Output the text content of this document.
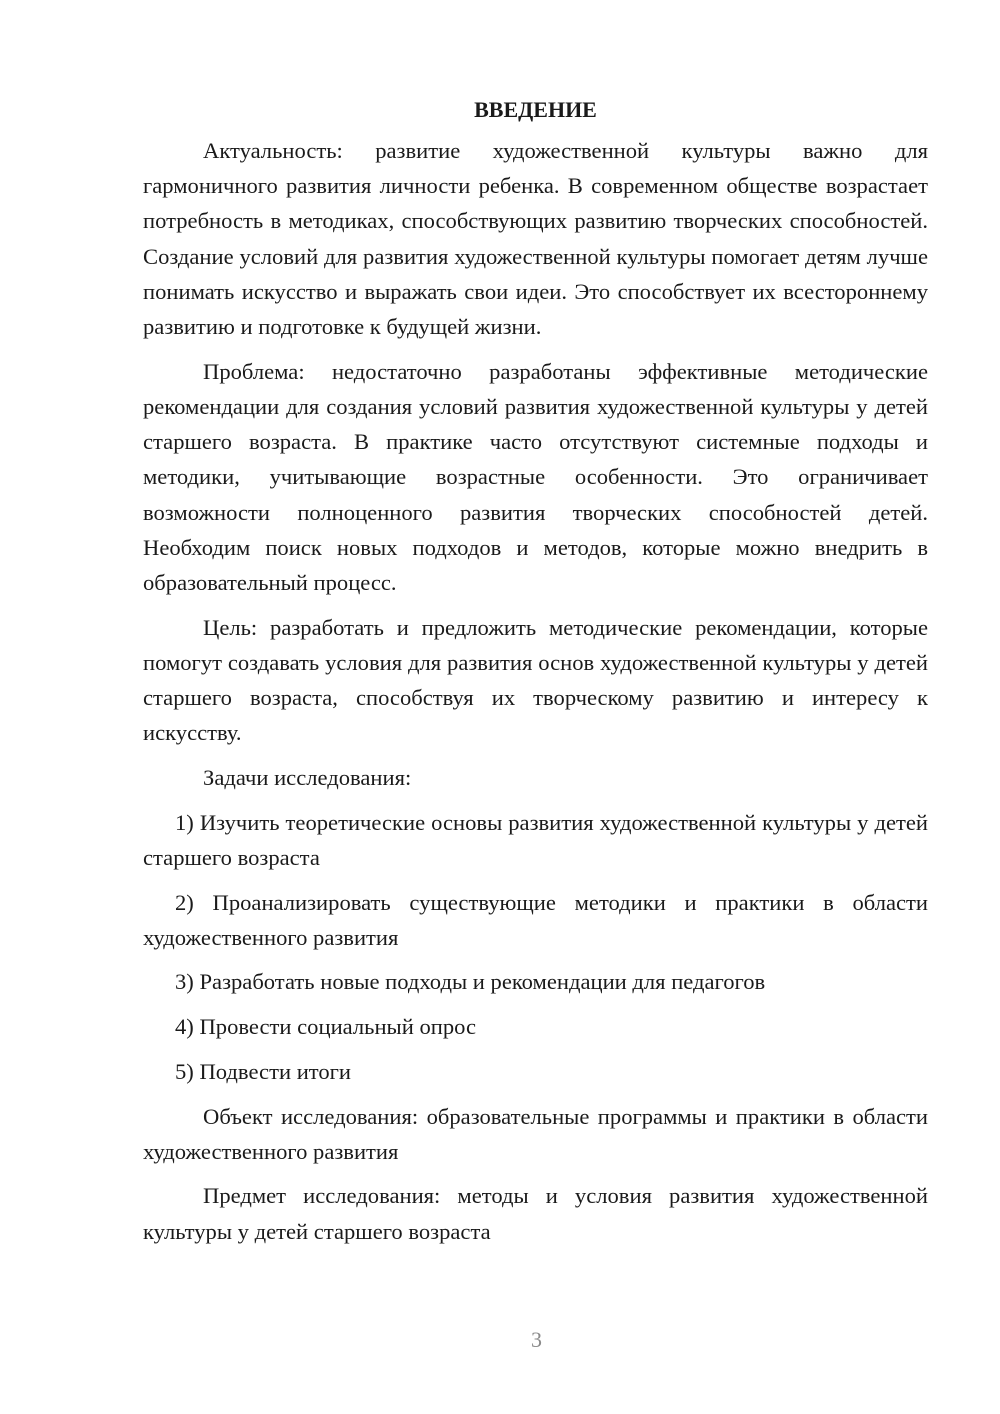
ВВЕДЕНИЕ

Актуальность: развитие художественной культуры важно для гармоничного развития личности ребенка. В современном обществе возрастает потребность в методиках, способствующих развитию творческих способностей. Создание условий для развития художественной культуры помогает детям лучше понимать искусство и выражать свои идеи. Это способствует их всестороннему развитию и подготовке к будущей жизни.

Проблема: недостаточно разработаны эффективные методические рекомендации для создания условий развития художественной культуры у детей старшего возраста. В практике часто отсутствуют системные подходы и методики, учитывающие возрастные особенности. Это ограничивает возможности полноценного развития творческих способностей детей. Необходим поиск новых подходов и методов, которые можно внедрить в образовательный процесс.

Цель: разработать и предложить методические рекомендации, которые помогут создавать условия для развития основ художественной культуры у детей старшего возраста, способствуя их творческому развитию и интересу к искусству.

Задачи исследования:

1) Изучить теоретические основы развития художественной культуры у детей старшего возраста

2) Проанализировать существующие методики и практики в области художественного развития

3) Разработать новые подходы и рекомендации для педагогов

4) Провести социальный опрос

5) Подвести итоги

Объект исследования: образовательные программы и практики в области художественного развития

Предмет исследования: методы и условия развития художественной культуры у детей старшего возраста

3
